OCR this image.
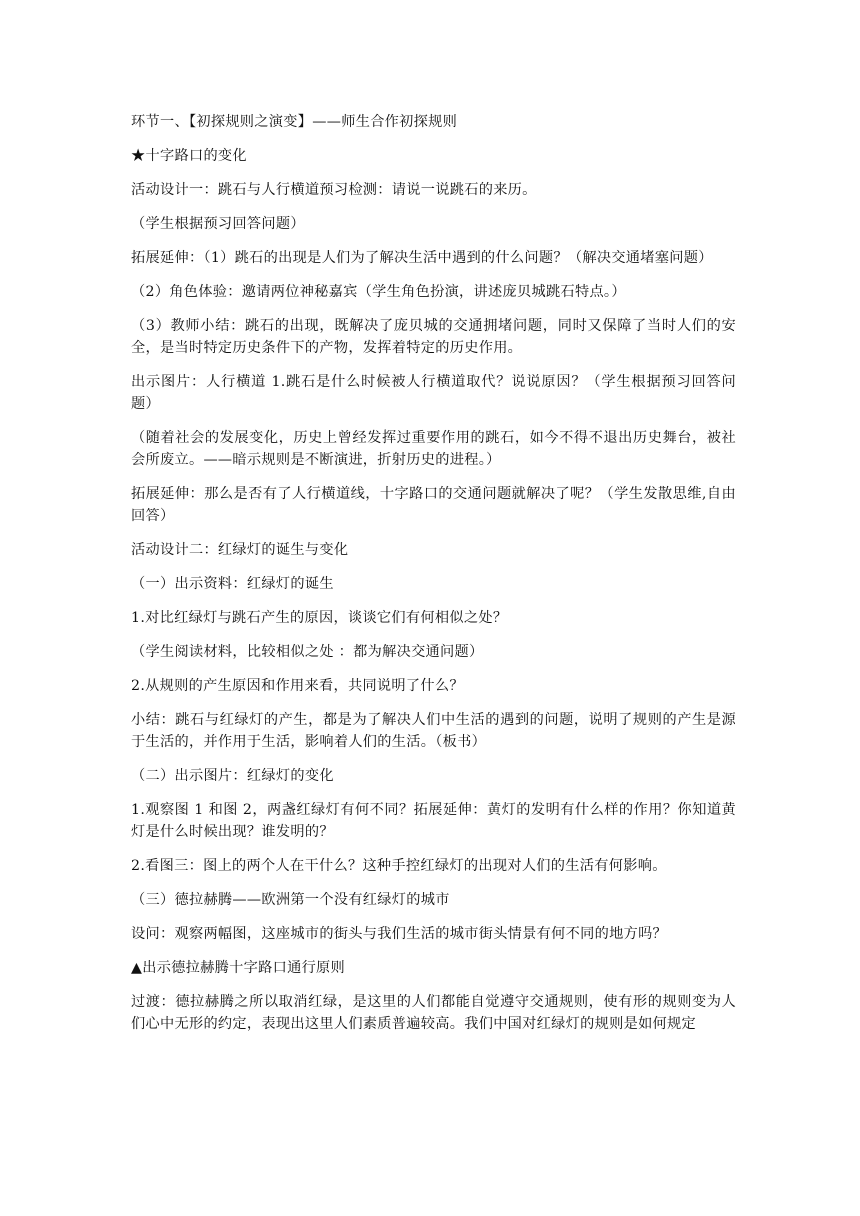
环节一、【初探规则之演变】——师生合作初探规则

★十字路口的变化

活动设计一：跳石与人行横道预习检测：请说一说跳石的来历。

（学生根据预习回答问题）

拓展延伸：（1）跳石的出现是人们为了解决生活中遇到的什么问题？（解决交通堵塞问题）

（2）角色体验：邀请两位神秘嘉宾（学生角色扮演，讲述庞贝城跳石特点。）

（3）教师小结：跳石的出现，既解决了庞贝城的交通拥堵问题，同时又保障了当时人们的安全，是当时特定历史条件下的产物，发挥着特定的历史作用。

出示图片：人行横道 1.跳石是什么时候被人行横道取代？说说原因？（学生根据预习回答问题）

（随着社会的发展变化，历史上曾经发挥过重要作用的跳石，如今不得不退出历史舞台，被社会所废立。——暗示规则是不断演进，折射历史的进程。）

拓展延伸：那么是否有了人行横道线，十字路口的交通问题就解决了呢？（学生发散思维,自由回答）

活动设计二：红绿灯的诞生与变化

（一）出示资料：红绿灯的诞生

1.对比红绿灯与跳石产生的原因，谈谈它们有何相似之处？

（学生阅读材料，比较相似之处 ：都为解决交通问题）

2.从规则的产生原因和作用来看，共同说明了什么？

小结：跳石与红绿灯的产生，都是为了解决人们中生活的遇到的问题，说明了规则的产生是源于生活的，并作用于生活，影响着人们的生活。（板书）

（二）出示图片：红绿灯的变化

1.观察图 1 和图 2，两盏红绿灯有何不同？拓展延伸：黄灯的发明有什么样的作用？你知道黄灯是什么时候出现？谁发明的？

2.看图三：图上的两个人在干什么？这种手控红绿灯的出现对人们的生活有何影响。

（三）德拉赫腾——欧洲第一个没有红绿灯的城市

设问：观察两幅图，这座城市的街头与我们生活的城市街头情景有何不同的地方吗？

▲出示德拉赫腾十字路口通行原则

过渡：德拉赫腾之所以取消红绿，是这里的人们都能自觉遵守交通规则，使有形的规则变为人们心中无形的约定，表现出这里人们素质普遍较高。我们中国对红绿灯的规则是如何规定
